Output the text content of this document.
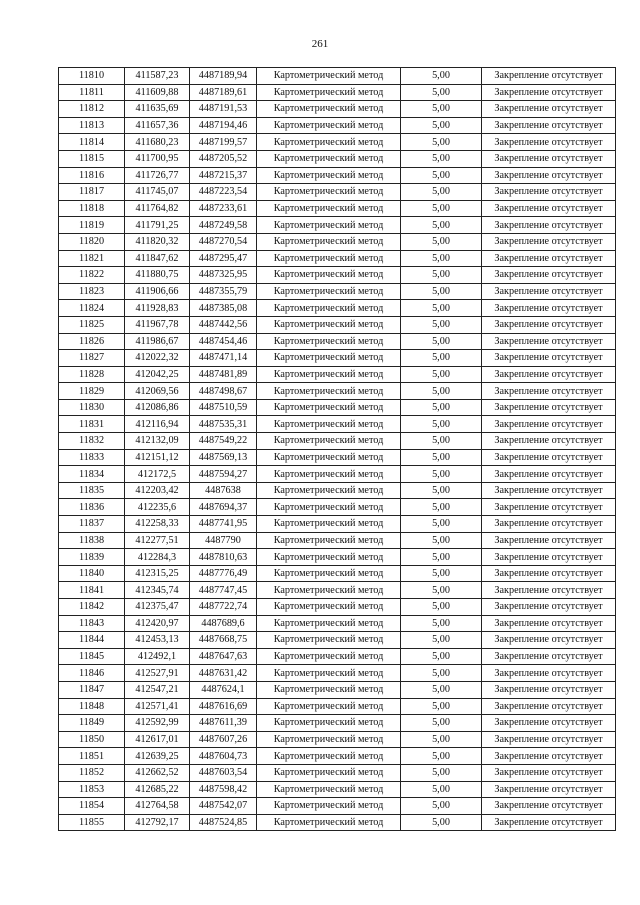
261
11810	411587,23	4487189,94	Картометрический метод	5,00	Закрепление отсутствует
11811	411609,88	4487189,61	Картометрический метод	5,00	Закрепление отсутствует
11812	411635,69	4487191,53	Картометрический метод	5,00	Закрепление отсутствует
11813	411657,36	4487194,46	Картометрический метод	5,00	Закрепление отсутствует
11814	411680,23	4487199,57	Картометрический метод	5,00	Закрепление отсутствует
11815	411700,95	4487205,52	Картометрический метод	5,00	Закрепление отсутствует
11816	411726,77	4487215,37	Картометрический метод	5,00	Закрепление отсутствует
11817	411745,07	4487223,54	Картометрический метод	5,00	Закрепление отсутствует
11818	411764,82	4487233,61	Картометрический метод	5,00	Закрепление отсутствует
11819	411791,25	4487249,58	Картометрический метод	5,00	Закрепление отсутствует
11820	411820,32	4487270,54	Картометрический метод	5,00	Закрепление отсутствует
11821	411847,62	4487295,47	Картометрический метод	5,00	Закрепление отсутствует
11822	411880,75	4487325,95	Картометрический метод	5,00	Закрепление отсутствует
11823	411906,66	4487355,79	Картометрический метод	5,00	Закрепление отсутствует
11824	411928,83	4487385,08	Картометрический метод	5,00	Закрепление отсутствует
11825	411967,78	4487442,56	Картометрический метод	5,00	Закрепление отсутствует
11826	411986,67	4487454,46	Картометрический метод	5,00	Закрепление отсутствует
11827	412022,32	4487471,14	Картометрический метод	5,00	Закрепление отсутствует
11828	412042,25	4487481,89	Картометрический метод	5,00	Закрепление отсутствует
11829	412069,56	4487498,67	Картометрический метод	5,00	Закрепление отсутствует
11830	412086,86	4487510,59	Картометрический метод	5,00	Закрепление отсутствует
11831	412116,94	4487535,31	Картометрический метод	5,00	Закрепление отсутствует
11832	412132,09	4487549,22	Картометрический метод	5,00	Закрепление отсутствует
11833	412151,12	4487569,13	Картометрический метод	5,00	Закрепление отсутствует
11834	412172,5	4487594,27	Картометрический метод	5,00	Закрепление отсутствует
11835	412203,42	4487638	Картометрический метод	5,00	Закрепление отсутствует
11836	412235,6	4487694,37	Картометрический метод	5,00	Закрепление отсутствует
11837	412258,33	4487741,95	Картометрический метод	5,00	Закрепление отсутствует
11838	412277,51	4487790	Картометрический метод	5,00	Закрепление отсутствует
11839	412284,3	4487810,63	Картометрический метод	5,00	Закрепление отсутствует
11840	412315,25	4487776,49	Картометрический метод	5,00	Закрепление отсутствует
11841	412345,74	4487747,45	Картометрический метод	5,00	Закрепление отсутствует
11842	412375,47	4487722,74	Картометрический метод	5,00	Закрепление отсутствует
11843	412420,97	4487689,6	Картометрический метод	5,00	Закрепление отсутствует
11844	412453,13	4487668,75	Картометрический метод	5,00	Закрепление отсутствует
11845	412492,1	4487647,63	Картометрический метод	5,00	Закрепление отсутствует
11846	412527,91	4487631,42	Картометрический метод	5,00	Закрепление отсутствует
11847	412547,21	4487624,1	Картометрический метод	5,00	Закрепление отсутствует
11848	412571,41	4487616,69	Картометрический метод	5,00	Закрепление отсутствует
11849	412592,99	4487611,39	Картометрический метод	5,00	Закрепление отсутствует
11850	412617,01	4487607,26	Картометрический метод	5,00	Закрепление отсутствует
11851	412639,25	4487604,73	Картометрический метод	5,00	Закрепление отсутствует
11852	412662,52	4487603,54	Картометрический метод	5,00	Закрепление отсутствует
11853	412685,22	4487598,42	Картометрический метод	5,00	Закрепление отсутствует
11854	412764,58	4487542,07	Картометрический метод	5,00	Закрепление отсутствует
11855	412792,17	4487524,85	Картометрический метод	5,00	Закрепление отсутствует
